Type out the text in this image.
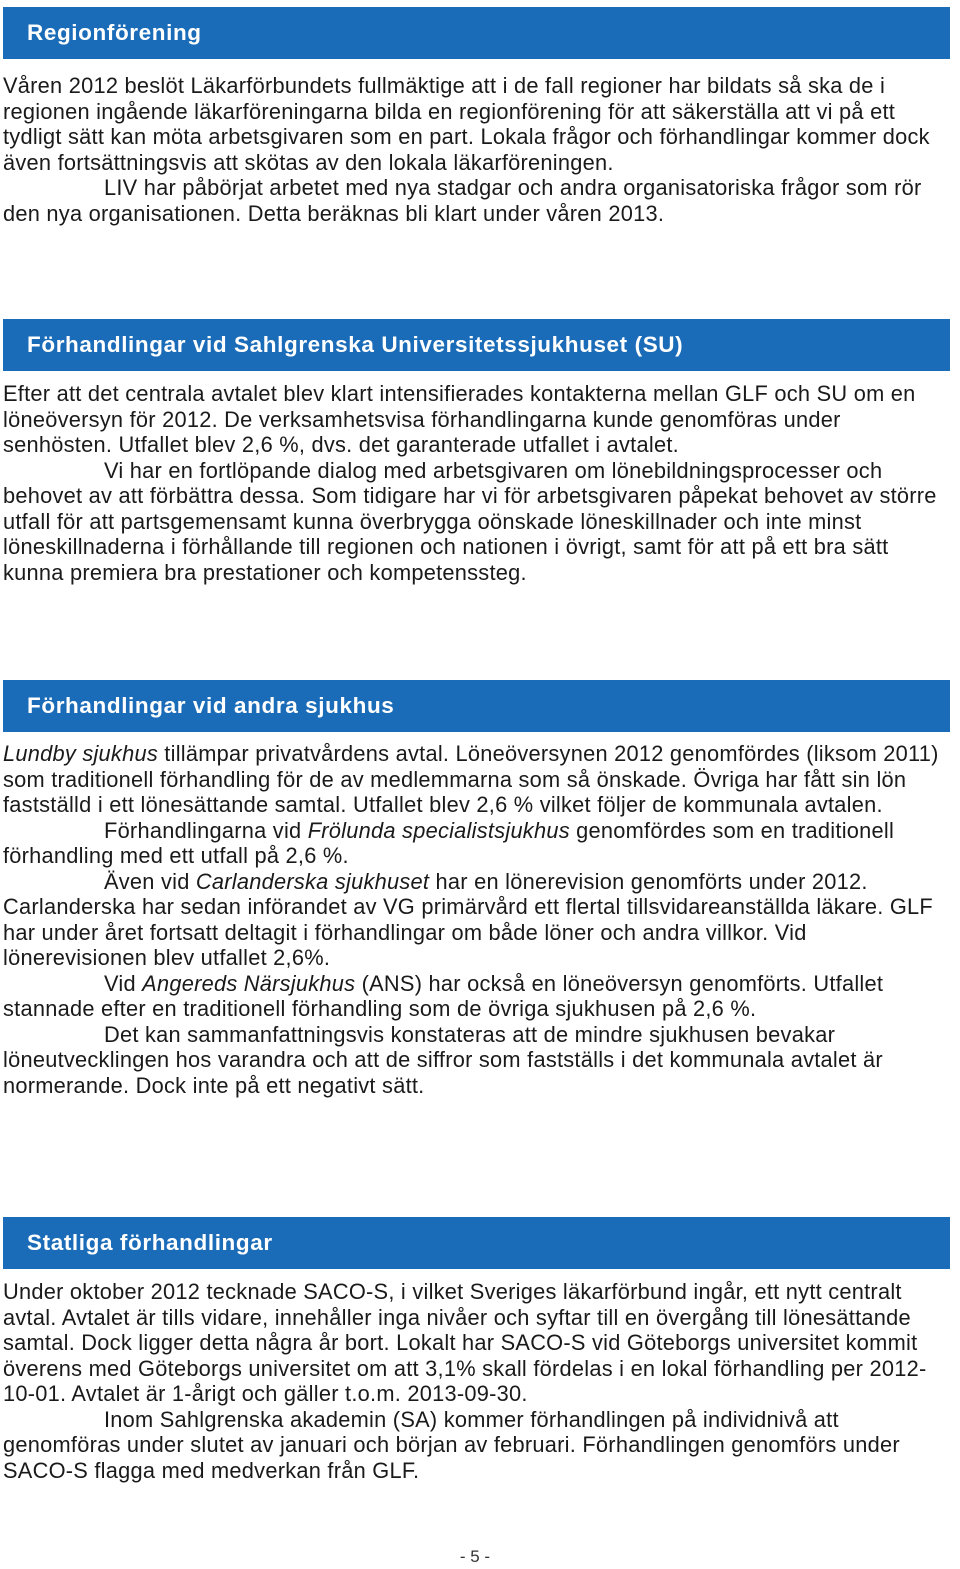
Regionförening

Våren 2012 beslöt Läkarförbundets fullmäktige att i de fall regioner har bildats så ska de i regionen ingående läkarföreningarna bilda en regionförening för att säkerställa att vi på ett tydligt sätt kan möta arbetsgivaren som en part. Lokala frågor och förhandlingar kommer dock även fortsättningsvis att skötas av den lokala läkarföreningen.

LIV har påbörjat arbetet med nya stadgar och andra organisatoriska frågor som rör den nya organisationen. Detta beräknas bli klart under våren 2013.

Förhandlingar vid Sahlgrenska Universitetssjukhuset (SU)

Efter att det centrala avtalet blev klart intensifierades kontakterna mellan GLF och SU om en löneöversyn för 2012. De verksamhetsvisa förhandlingarna kunde genomföras under senhösten. Utfallet blev 2,6 %, dvs. det garanterade utfallet i avtalet.

Vi har en fortlöpande dialog med arbetsgivaren om lönebildningsprocesser och behovet av att förbättra dessa. Som tidigare har vi för arbetsgivaren påpekat behovet av större utfall för att partsgemensamt kunna överbrygga oönskade löneskillnader och inte minst löneskillnaderna i förhållande till regionen och nationen i övrigt, samt för att på ett bra sätt kunna premiera bra prestationer och kompetenssteg.

Förhandlingar vid andra sjukhus

Lundby sjukhus tillämpar privatvårdens avtal. Löneöversynen 2012 genomfördes (liksom 2011) som traditionell förhandling för de av medlemmarna som så önskade. Övriga har fått sin lön fastställd i ett lönesättande samtal. Utfallet blev 2,6 % vilket följer de kommunala avtalen.

Förhandlingarna vid Frölunda specialistsjukhus genomfördes som en traditionell förhandling med ett utfall på 2,6 %.

Även vid Carlanderska sjukhuset har en lönerevision genomförts under 2012. Carlanderska har sedan införandet av VG primärvård ett flertal tillsvidareanställda läkare. GLF har under året fortsatt deltagit i förhandlingar om både löner och andra villkor. Vid lönerevisionen blev utfallet 2,6%.

Vid Angereds Närsjukhus (ANS) har också en löneöversyn genomförts. Utfallet stannade efter en traditionell förhandling som de övriga sjukhusen på 2,6 %.

Det kan sammanfattningsvis konstateras att de mindre sjukhusen bevakar löneutvecklingen hos varandra och att de siffror som fastställs i det kommunala avtalet är normerande. Dock inte på ett negativt sätt.

Statliga förhandlingar

Under oktober 2012 tecknade SACO-S, i vilket Sveriges läkarförbund ingår, ett nytt centralt avtal. Avtalet är tills vidare, innehåller inga nivåer och syftar till en övergång till lönesättande samtal. Dock ligger detta några år bort. Lokalt har SACO-S vid Göteborgs universitet kommit överens med Göteborgs universitet om att 3,1% skall fördelas i en lokal förhandling per 2012-10-01. Avtalet är 1-årigt och gäller t.o.m. 2013-09-30.

Inom Sahlgrenska akademin (SA) kommer förhandlingen på individnivå att genomföras under slutet av januari och början av februari. Förhandlingen genomförs under SACO-S flagga med medverkan från GLF.

- 5 -
